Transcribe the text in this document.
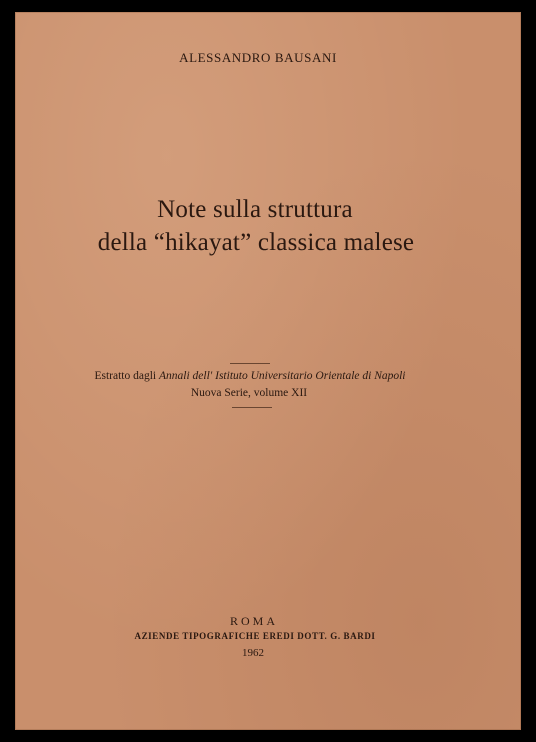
ALESSANDRO BAUSANI
Note sulla struttura
della “hikayat” classica malese
Estratto dagli Annali dell' Istituto Universitario Orientale di Napoli
Nuova Serie, volume XII
ROMA
AZIENDE TIPOGRAFICHE EREDI DOTT. G. BARDI
1962
